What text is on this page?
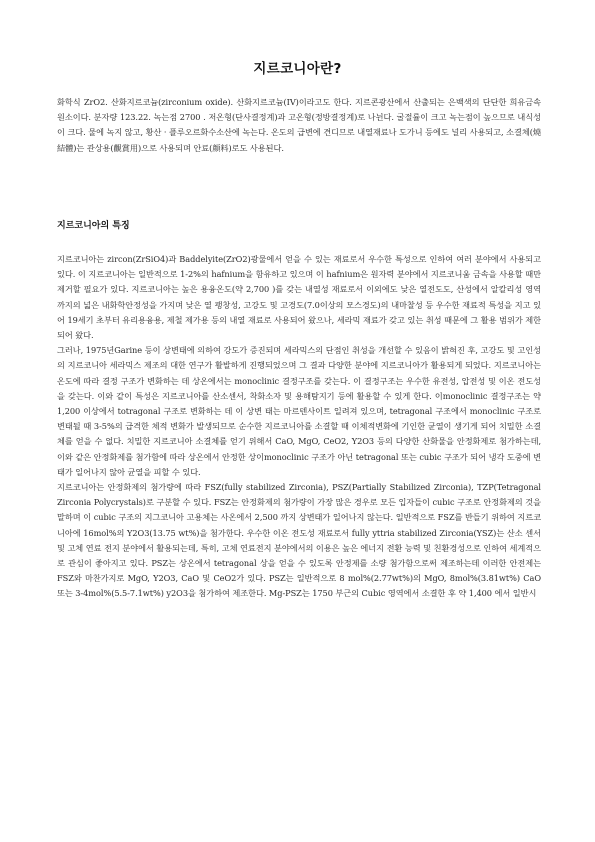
지르코니아란?

화학식 ZrO2. 산화지르코늄(zirconium oxide). 산화지르코늄(IV)이라고도 한다. 지르콘광산에서 산출되는 은백색의 단단한 희유금속 원소이다. 분자량 123.22. 녹는점 2700 . 저온형(단사결정계)과 고온형(정방결정계)로 나뉜다. 굴절률이 크고 녹는점이 높으므로 내식성이 크다. 물에 녹지 않고, 황산 · 플루오르화수소산에 녹는다. 온도의 급변에 견디므로 내열재료나 도가니 등에도 널리 사용되고, 소결체(燒結體)는 관상용(觀賞用)으로 사용되며 안료(顔料)로도 사용된다.

지르코니아의 특징

지르코니아는 zircon(ZrSiO4)과 Baddelyite(ZrO2)광물에서 얻을 수 있는 재료로서 우수한 특성으로 인하여 여러 분야에서 사용되고 있다. 이 지르코니아는 일반적으로 1-2%의 hafnium을 함유하고 있으며 이 hafnium은 원자력 분야에서 지르코니움 금속을 사용할 때만 제거할 필요가 있다. 지르코니아는 높은 용융온도(약 2,700 )를 갖는 내열성 재료로서 이외에도 낮은 열전도도, 산성에서 알칼리성 영역까지의 넓은 내화학안정성을 가지며 낮은 열 팽창성, 고강도 및 고경도(7.0이상의 모스경도)의 내마찰성 등 우수한 재료적 특성을 지고 있어 19세기 초부터 유리용융용, 제철 제가용 등의 내열 재료로 사용되어 왔으나, 세라믹 재료가 갖고 있는 취성 때문에 그 활용 범위가 제한되어 왔다.

그러나, 1975년Garine 등이 상변태에 의하여 강도가 증진되며 세라믹스의 단점인 취성을 개선할 수 있음이 밝혀진 후, 고강도 및 고인성의 지르코니아 세라믹스 제조의 대한 연구가 활발하게 진행되었으며 그 결과 다양한 분야에 지르코니아가 활용되게 되었다. 지르코니아는 온도에 따라 결정 구조가 변화하는 데 상온에서는 monoclinic 결정구조를 갖는다. 이 결정구조는 우수한 유전성, 압전성 및 이온 전도성을 갖는다. 이와 같이 특성은 지르코니아를 산소센서, 착화소자 및 용해탐지기 등에 활용할 수 있게 한다. 이monoclinic 결정구조는 약 1,200 이상에서 totragonal 구조로 변화하는 데 이 상변 태는 마르텐사이트 일려져 있으며, tetragonal 구조에서 monoclinic 구조로 변태될 때 3-5%의 급격한 체적 변화가 발생되므로 순수한 지르코니아를 소결할 때 이체적변화에 기인한 균열이 생기게 되어 치밀한 소결체를 얻을 수 없다. 치밀한 지르코니아 소결체를 얻기 위해서 CaO, MgO, CeO2, Y2O3 등의 다양한 산화물을 안정화제로 첨가하는데, 이와 같은 안정화제를 첨가함에 따라 상온에서 안정한 상이monoclinic 구조가 아닌 tetragonal 또는 cubic 구조가 되어 냉각 도중에 변태가 일어나지 않아 균열을 피할 수 있다.

지르코니아는 안정화제의 첨가량에 따라 FSZ(fully stabilized Zirconia), PSZ(Partially Stabilized Zirconia), TZP(Tetragonal Zirconia Polycrystals)로 구분할 수 있다. FSZ는 안정화제의 첨가량이 가장 많은 경우로 모든 입자들이 cubic 구조로 안정화제의 것을 말하며 이 cubic 구조의 지그코니아 고용체는 사온에서 2,500 까지 상변태가 일어나지 않는다. 일반적으로 FSZ를 반들기 위하여 지르코니아에 16mol%의 Y2O3(13.75 wt%)을 첨가한다. 우수한 이온 전도성 재료로서 fully yttria stabilized Zirconia(YSZ)는 산소 센서 및 고체 연료 전지 분야에서 활용되는데, 특히, 고체 연료전지 분야에서의 이용은 높은 에너지 전환 능력 및 친환경성으로 인하여 세계적으로 관심이 좋아지고 있다. PSZ는 상온에서 tetragonal 상을 얻을 수 있도록 안정제를 소량 첨가함으로써 제조하는데 이러한 안전제는 FSZ와 마찬가지로 MgO, Y2O3, CaO 및 CeO2가 있다. PSZ는 일반적으로 8 mol%(2.77wt%)의 MgO, 8mol%(3.81wt%) CaO 또는 3-4mol%(5.5-7.1wt%) y2O3을 첨가하여 제조한다. Mg-PSZ는 1750 부근의 Cubic 영역에서 소결한 후 약 1,400 에서 일반시
